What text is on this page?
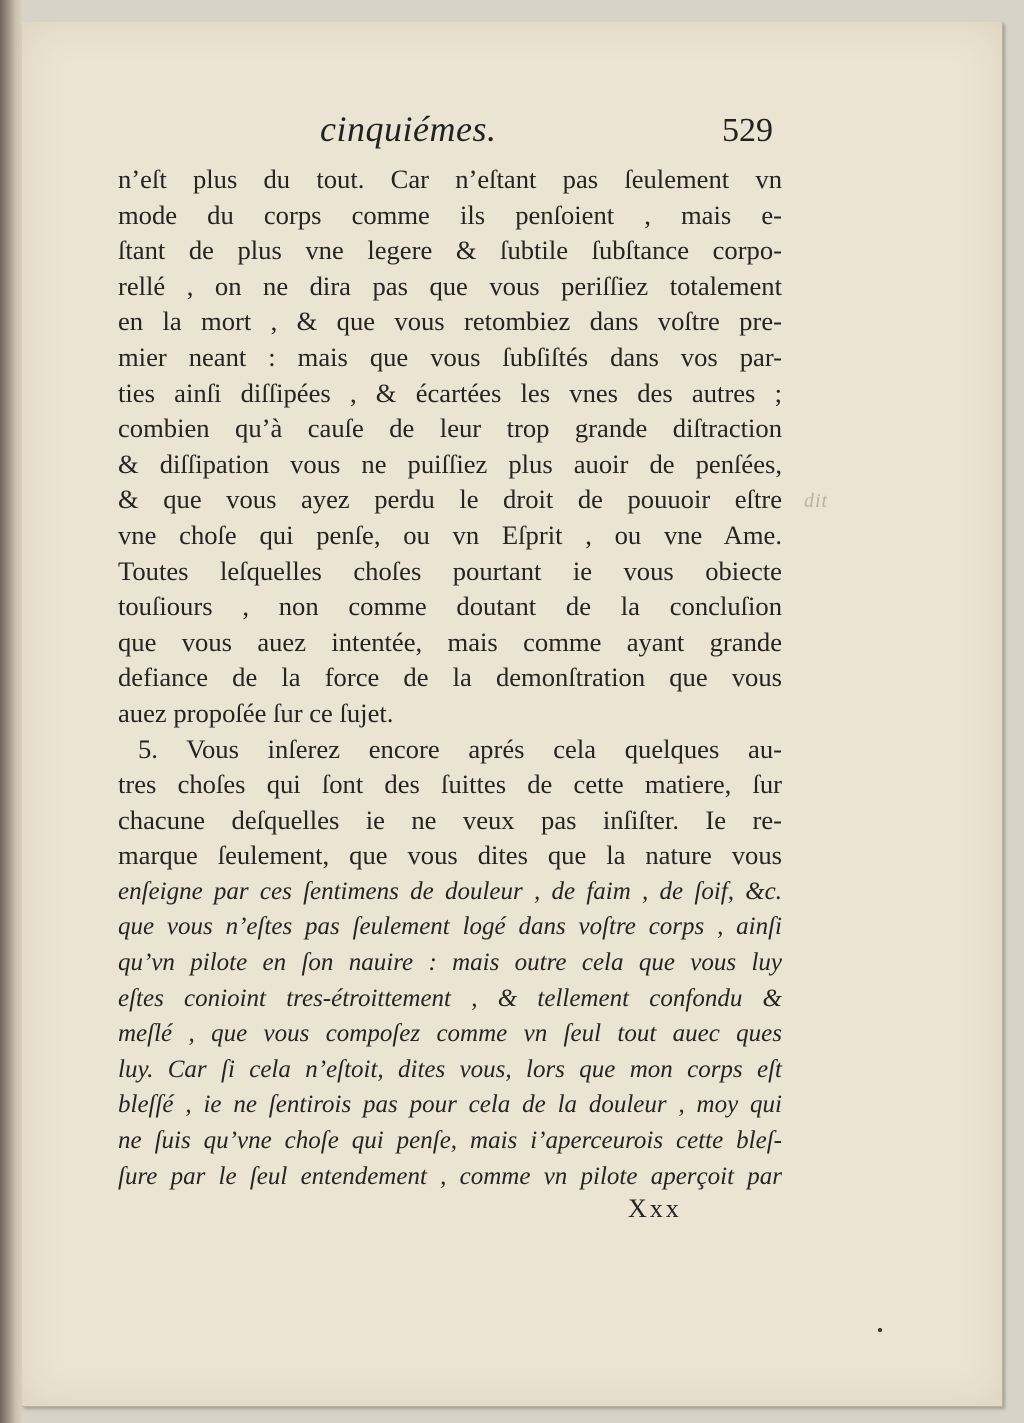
cinquiémes.	529
dit
n’eſt plus du tout. Car n’eſtant pas ſeulement vn
mode du corps comme ils penſoient , mais e-
ſtant de plus vne legere & ſubtile ſubſtance corpo-
rellé , on ne dira pas que vous periſſiez totalement
en la mort , & que vous retombiez dans voſtre pre-
mier neant : mais que vous ſubſiſtés dans vos par-
ties ainſi diſſipées , & écartées les vnes des autres ;
combien qu’à cauſe de leur trop grande diſtraction
& diſſipation vous ne puiſſiez plus auoir de penſées,
& que vous ayez perdu le droit de pouuoir eſtre
vne choſe qui penſe, ou vn Eſprit , ou vne Ame.
Toutes leſquelles choſes pourtant ie vous obiecte
touſiours , non comme doutant de la concluſion
que vous auez intentée, mais comme ayant grande
defiance de la force de la demonſtration que vous
auez propoſée ſur ce ſujet.
5. Vous inſerez encore aprés cela quelques au-
tres choſes qui ſont des ſuittes de cette matiere, ſur
chacune deſquelles ie ne veux pas inſiſter. Ie re-
marque ſeulement, que vous dites que la nature vous
enſeigne par ces ſentimens de douleur , de faim , de ſoif, &c.
que vous n’eſtes pas ſeulement logé dans voſtre corps , ainſi
qu’vn pilote en ſon nauire : mais outre cela que vous luy
eſtes conioint tres-étroittement , & tellement confondu &
meſlé , que vous compoſez comme vn ſeul tout auec ques
luy. Car ſi cela n’eſtoit, dites vous, lors que mon corps eſt
bleſſé , ie ne ſentirois pas pour cela de la douleur , moy qui
ne ſuis qu’vne choſe qui penſe, mais i’aperceurois cette bleſ-
ſure par le ſeul entendement , comme vn pilote aperçoit par
Xxx
